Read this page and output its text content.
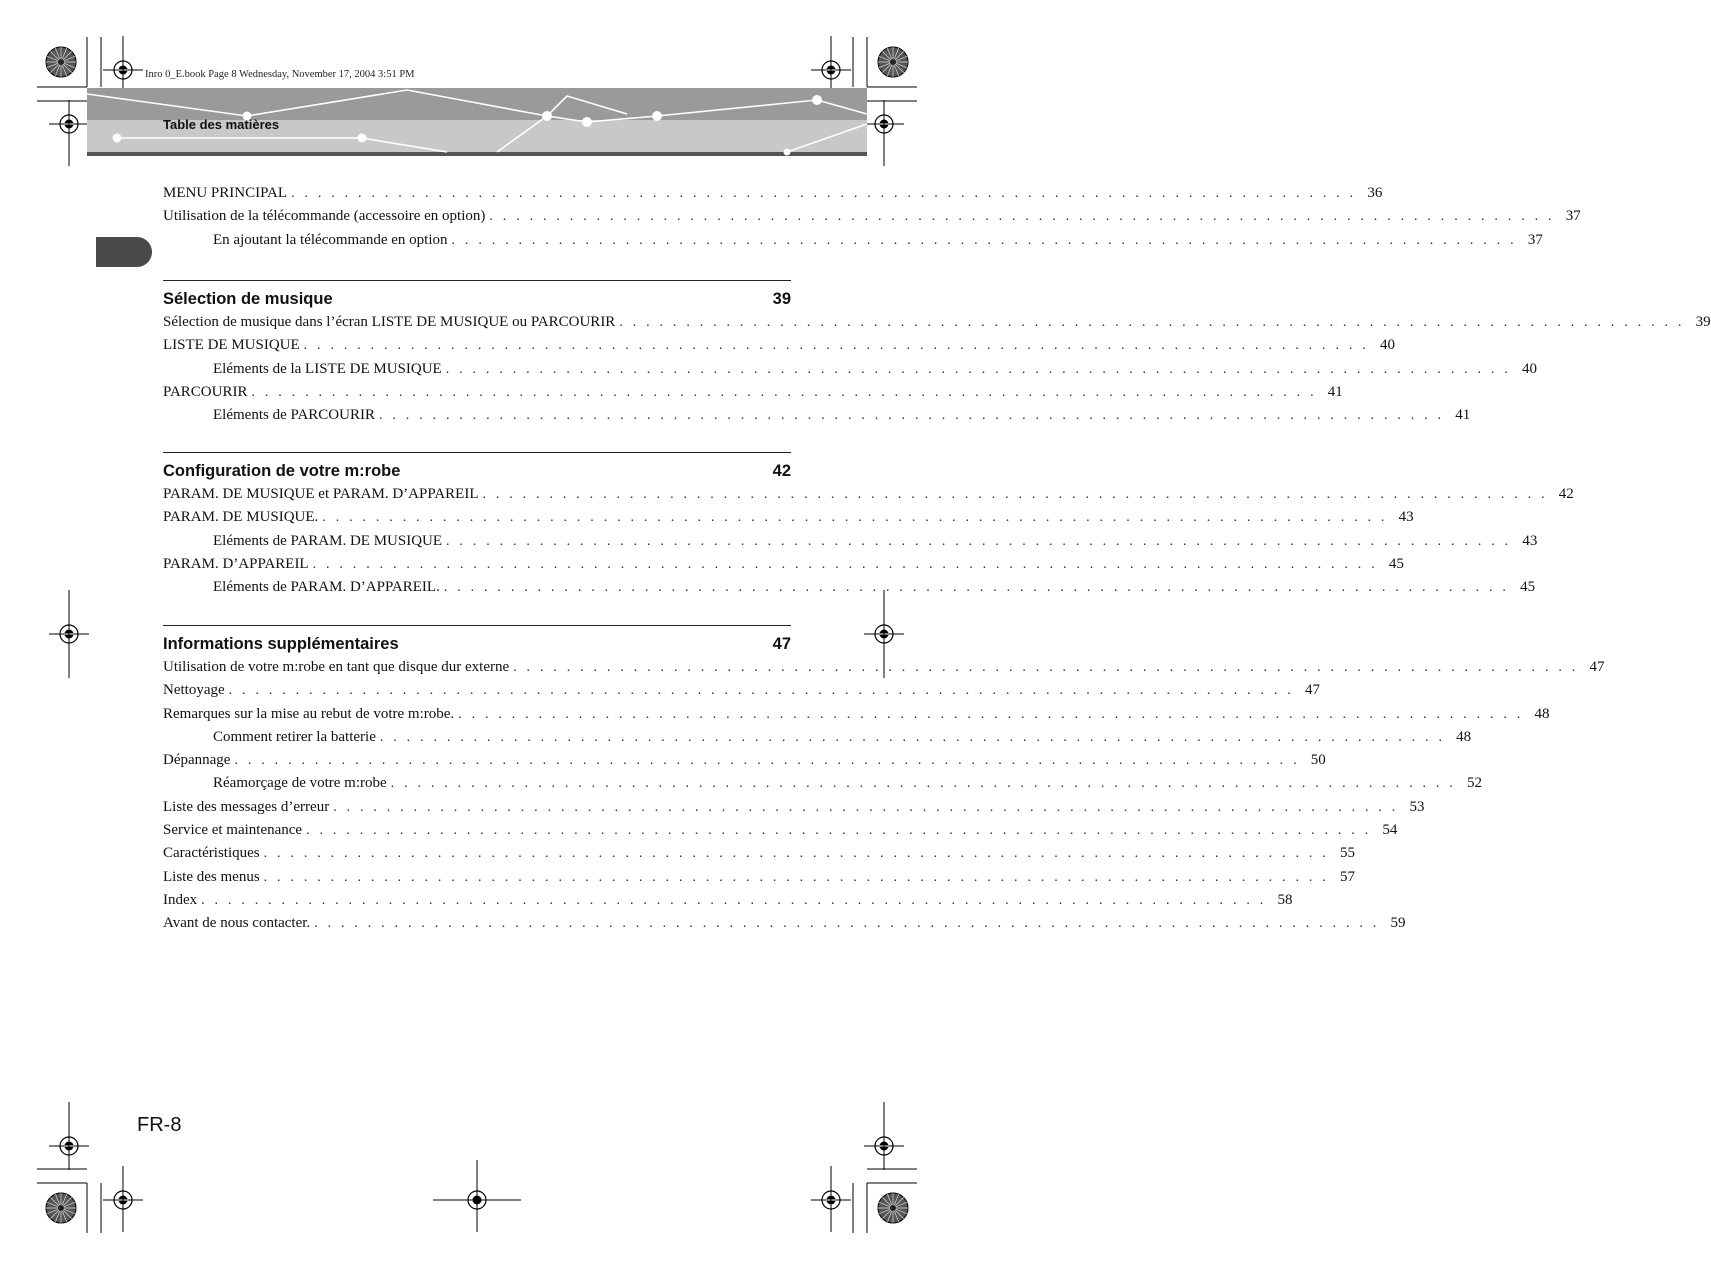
Inro 0_E.book Page 8 Wednesday, November 17, 2004 3:51 PM
Table des matières
MENU PRINCIPAL . . . . . . . . . . . . . . . . . . . . . . . . . . . . . . . . . . . . . . . . . . . . . . . . . . . . . . . . . . . . . . . . . . . . . . . . . . . . . . . . 36
Utilisation de la télécommande (accessoire en option) . . . . . . . . . . . . . . . . . . . . . . . . . . . . . . . . . . . . . . . . . . . . . . . . . . . . . . . . . . . . . . . . . . . . . . . . . . . . . . . . 37
En ajoutant la télécommande en option . . . . . . . . . . . . . . . . . . . . . . . . . . . . . . . . . . . . . . . . . . . . . . . . . . . . . . . . . . . . . . . . . . . . . . . . . . . . . . . . 37
Sélection de musique	39
Sélection de musique dans l’écran LISTE DE MUSIQUE ou PARCOURIR . . . . . . . . . . . . . . . . . . . . . . . . . . . . . . . . . . . . . . . . . . . . . . . . . . . . . . . . . . . . . . . . . . . . . . . . . . . . . . . . 39
LISTE DE MUSIQUE . . . . . . . . . . . . . . . . . . . . . . . . . . . . . . . . . . . . . . . . . . . . . . . . . . . . . . . . . . . . . . . . . . . . . . . . . . . . . . . . 40
Eléments de la LISTE DE MUSIQUE . . . . . . . . . . . . . . . . . . . . . . . . . . . . . . . . . . . . . . . . . . . . . . . . . . . . . . . . . . . . . . . . . . . . . . . . . . . . . . . . 40
PARCOURIR . . . . . . . . . . . . . . . . . . . . . . . . . . . . . . . . . . . . . . . . . . . . . . . . . . . . . . . . . . . . . . . . . . . . . . . . . . . . . . . . 41
Eléments de PARCOURIR . . . . . . . . . . . . . . . . . . . . . . . . . . . . . . . . . . . . . . . . . . . . . . . . . . . . . . . . . . . . . . . . . . . . . . . . . . . . . . . . 41
Configuration de votre m:robe	42
PARAM. DE MUSIQUE et PARAM. D’APPAREIL . . . . . . . . . . . . . . . . . . . . . . . . . . . . . . . . . . . . . . . . . . . . . . . . . . . . . . . . . . . . . . . . . . . . . . . . . . . . . . . . 42
PARAM. DE MUSIQUE. . . . . . . . . . . . . . . . . . . . . . . . . . . . . . . . . . . . . . . . . . . . . . . . . . . . . . . . . . . . . . . . . . . . . . . . . . . . . . . . . 43
Eléments de PARAM. DE MUSIQUE . . . . . . . . . . . . . . . . . . . . . . . . . . . . . . . . . . . . . . . . . . . . . . . . . . . . . . . . . . . . . . . . . . . . . . . . . . . . . . . . 43
PARAM. D’APPAREIL . . . . . . . . . . . . . . . . . . . . . . . . . . . . . . . . . . . . . . . . . . . . . . . . . . . . . . . . . . . . . . . . . . . . . . . . . . . . . . . . 45
Eléments de PARAM. D’APPAREIL. . . . . . . . . . . . . . . . . . . . . . . . . . . . . . . . . . . . . . . . . . . . . . . . . . . . . . . . . . . . . . . . . . . . . . . . . . . . . . . . . 45
Informations supplémentaires	47
Utilisation de votre m:robe en tant que disque dur externe . . . . . . . . . . . . . . . . . . . . . . . . . . . . . . . . . . . . . . . . . . . . . . . . . . . . . . . . . . . . . . . . . . . . . . . . . . . . . . . . 47
Nettoyage . . . . . . . . . . . . . . . . . . . . . . . . . . . . . . . . . . . . . . . . . . . . . . . . . . . . . . . . . . . . . . . . . . . . . . . . . . . . . . . . 47
Remarques sur la mise au rebut de votre m:robe. . . . . . . . . . . . . . . . . . . . . . . . . . . . . . . . . . . . . . . . . . . . . . . . . . . . . . . . . . . . . . . . . . . . . . . . . . . . . . . . . 48
Comment retirer la batterie . . . . . . . . . . . . . . . . . . . . . . . . . . . . . . . . . . . . . . . . . . . . . . . . . . . . . . . . . . . . . . . . . . . . . . . . . . . . . . . . 48
Dépannage . . . . . . . . . . . . . . . . . . . . . . . . . . . . . . . . . . . . . . . . . . . . . . . . . . . . . . . . . . . . . . . . . . . . . . . . . . . . . . . . 50
Réamorçage de votre m:robe . . . . . . . . . . . . . . . . . . . . . . . . . . . . . . . . . . . . . . . . . . . . . . . . . . . . . . . . . . . . . . . . . . . . . . . . . . . . . . . . 52
Liste des messages d’erreur . . . . . . . . . . . . . . . . . . . . . . . . . . . . . . . . . . . . . . . . . . . . . . . . . . . . . . . . . . . . . . . . . . . . . . . . . . . . . . . . 53
Service et maintenance . . . . . . . . . . . . . . . . . . . . . . . . . . . . . . . . . . . . . . . . . . . . . . . . . . . . . . . . . . . . . . . . . . . . . . . . . . . . . . . . 54
Caractéristiques . . . . . . . . . . . . . . . . . . . . . . . . . . . . . . . . . . . . . . . . . . . . . . . . . . . . . . . . . . . . . . . . . . . . . . . . . . . . . . . . 55
Liste des menus . . . . . . . . . . . . . . . . . . . . . . . . . . . . . . . . . . . . . . . . . . . . . . . . . . . . . . . . . . . . . . . . . . . . . . . . . . . . . . . . 57
Index . . . . . . . . . . . . . . . . . . . . . . . . . . . . . . . . . . . . . . . . . . . . . . . . . . . . . . . . . . . . . . . . . . . . . . . . . . . . . . . . 58
Avant de nous contacter. . . . . . . . . . . . . . . . . . . . . . . . . . . . . . . . . . . . . . . . . . . . . . . . . . . . . . . . . . . . . . . . . . . . . . . . . . . . . . . . . 59
FR-8
